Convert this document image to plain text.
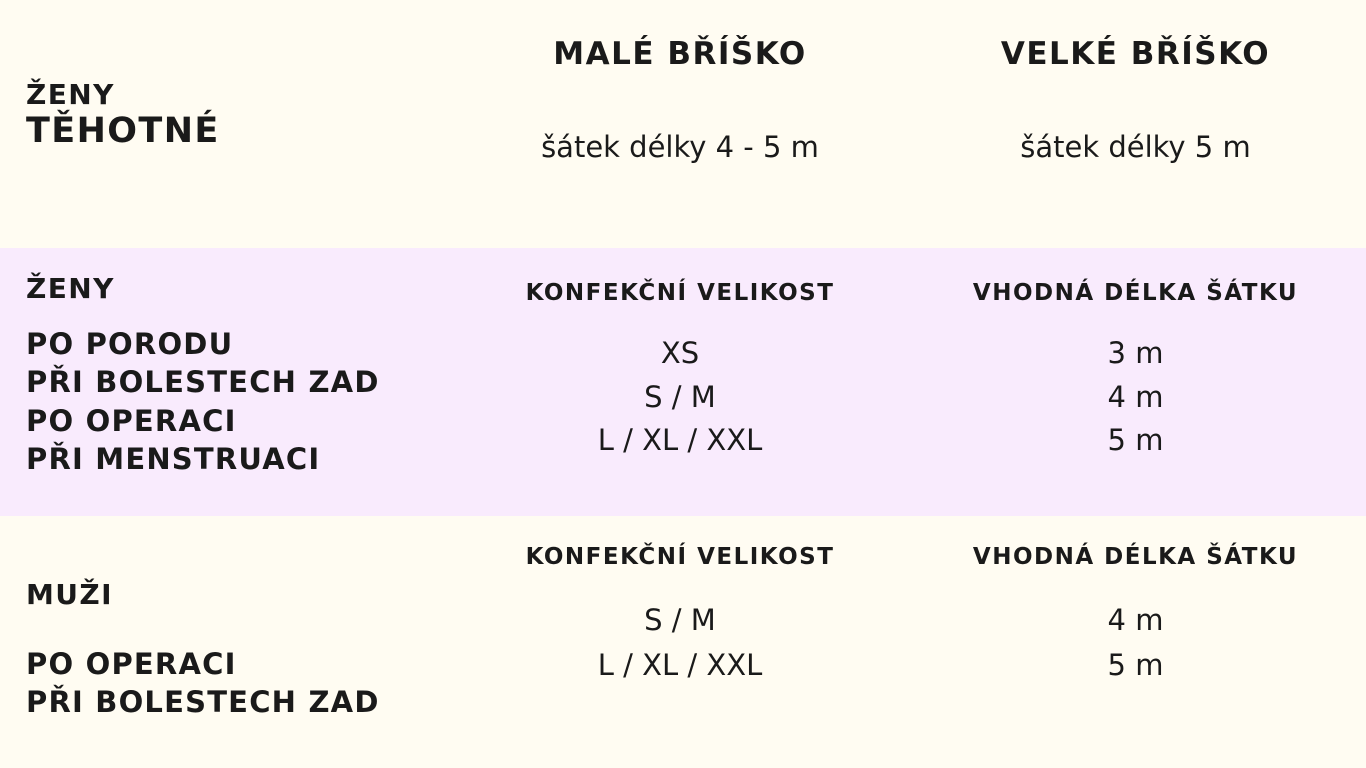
ŽENY
TĚHOTNÉ
MALÉ BŘÍŠKO
šátek délky 4 - 5 m
VELKÉ BŘÍŠKO
šátek délky 5 m
ŽENY
PO PORODU
PŘI BOLESTECH ZAD
PO OPERACI
PŘI MENSTRUACI
KONFEKČNÍ VELIKOST
XS
S / M
L / XL / XXL
VHODNÁ DÉLKA ŠÁTKU
3 m
4 m
5 m
MUŽI
PO OPERACI
PŘI BOLESTECH ZAD
KONFEKČNÍ VELIKOST
S / M
L / XL / XXL
VHODNÁ DÉLKA ŠÁTKU
4 m
5 m
